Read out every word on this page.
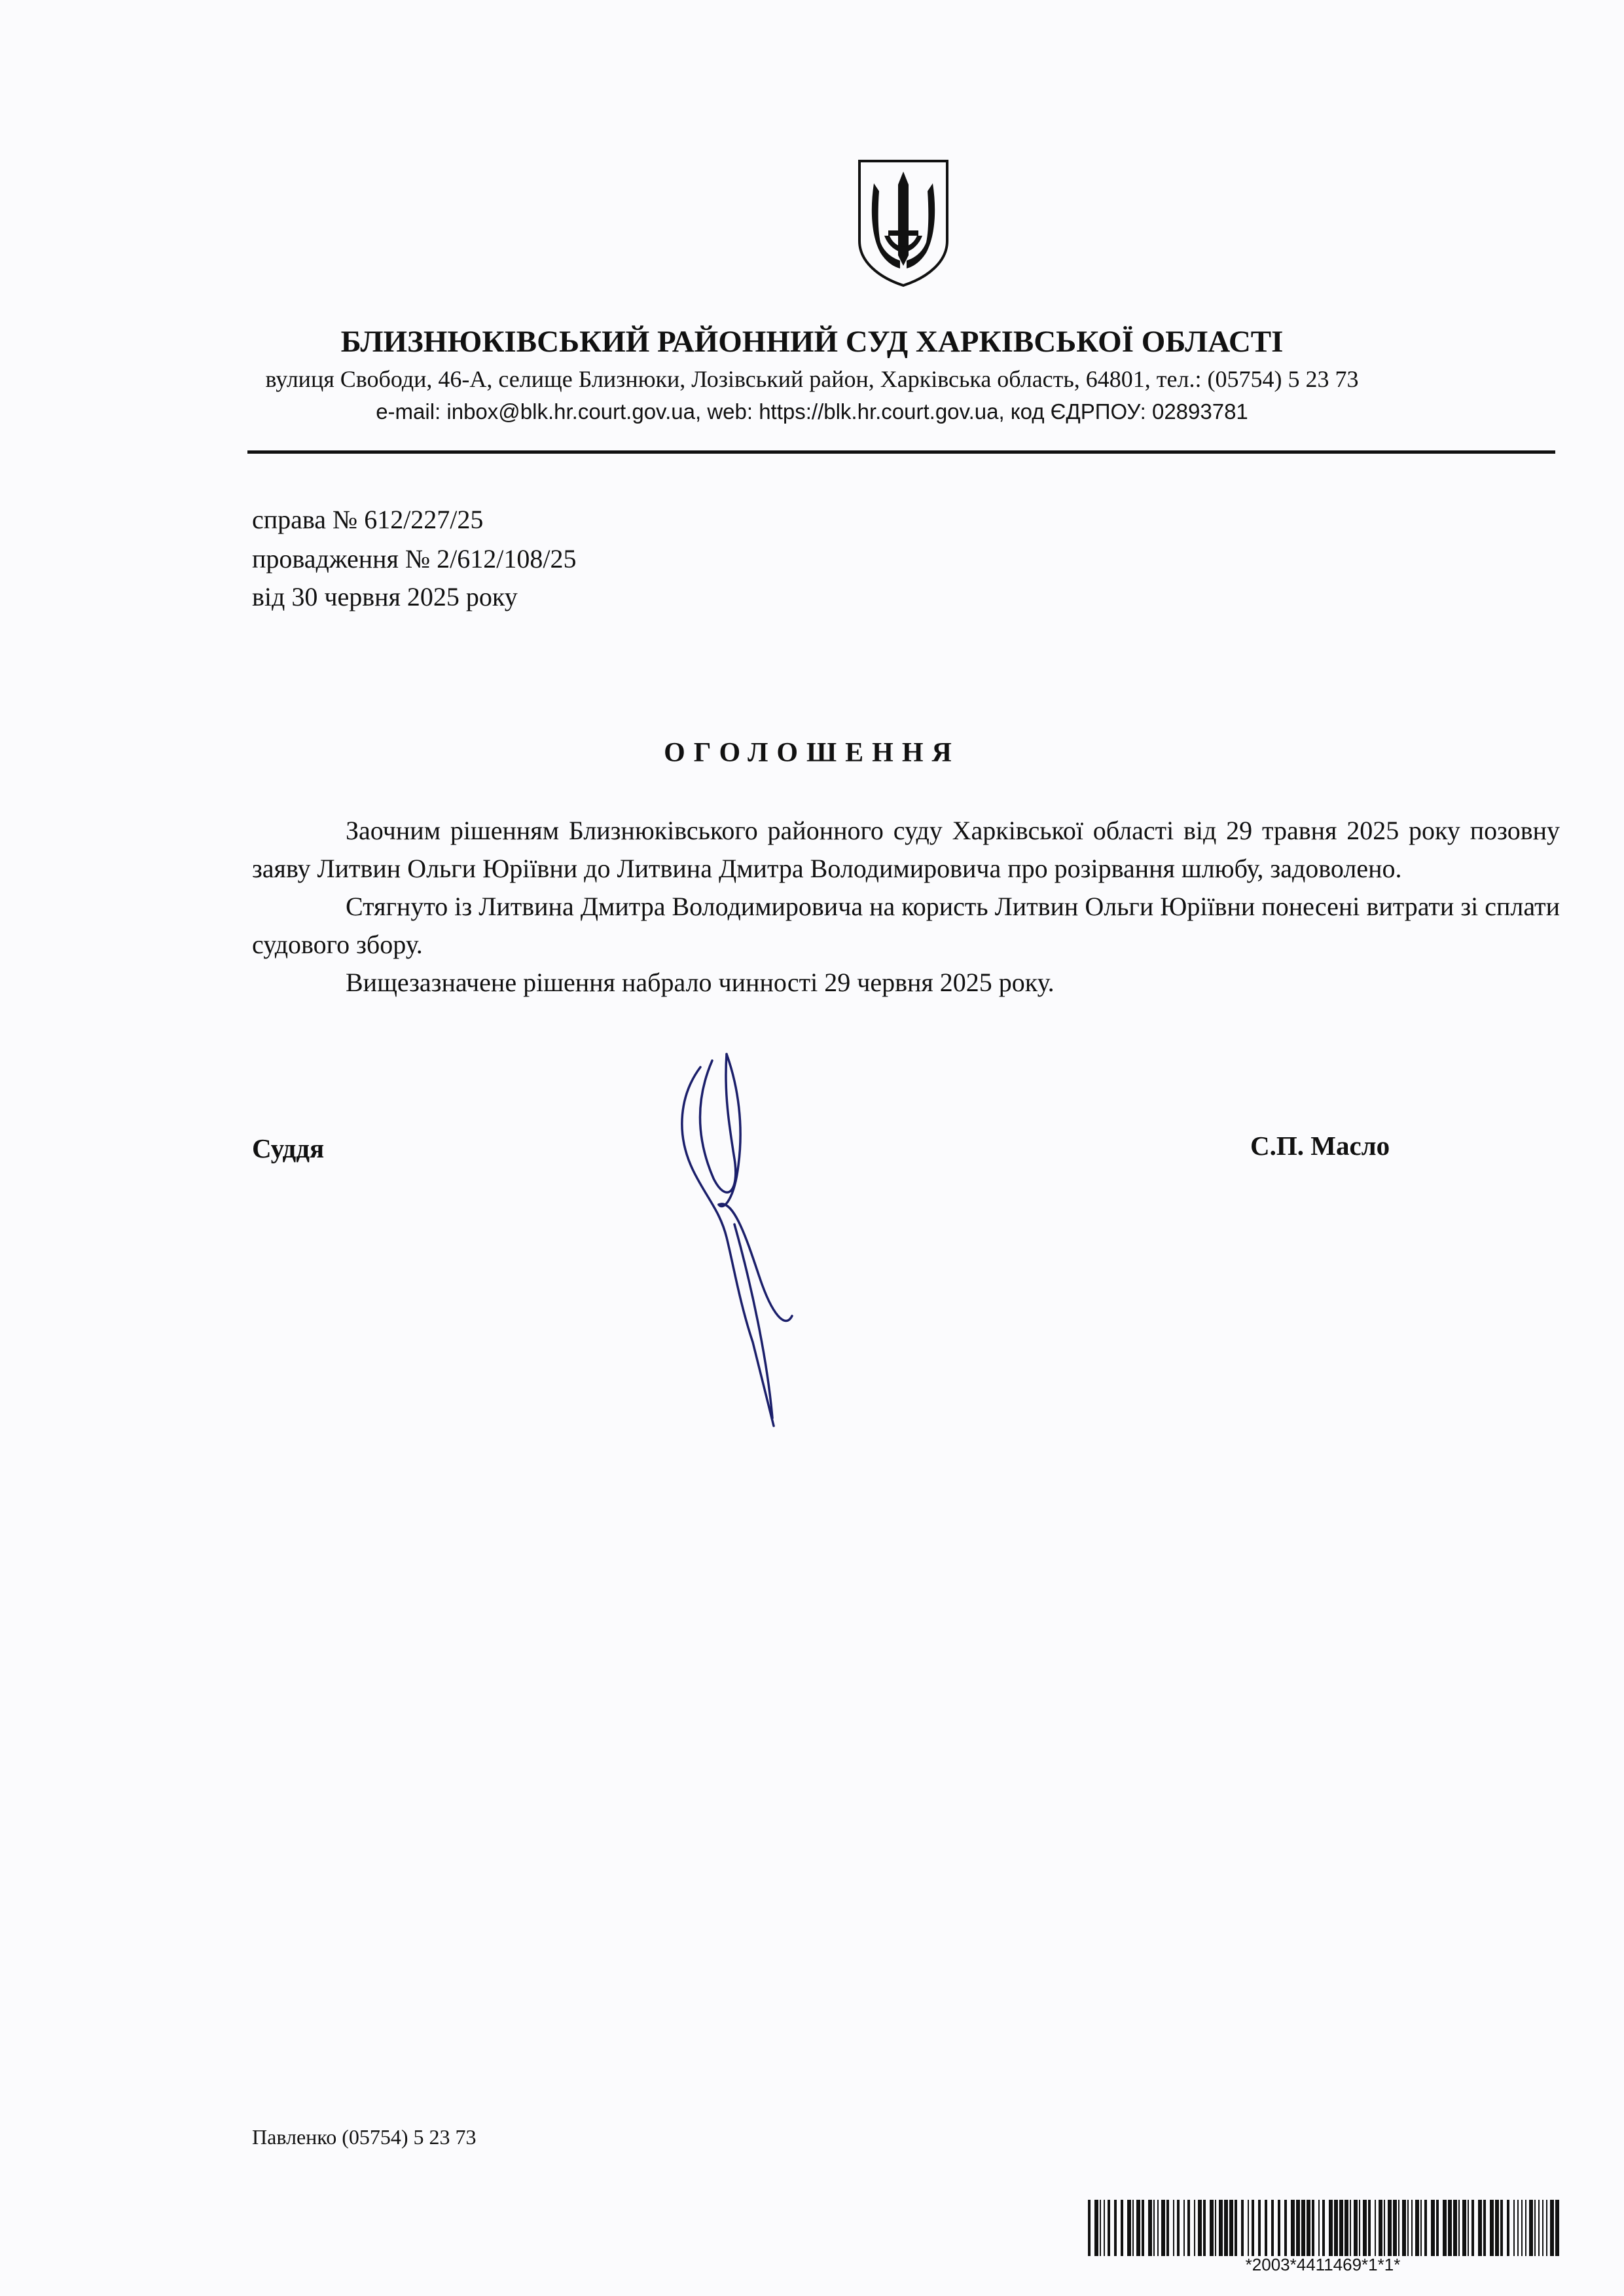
БЛИЗНЮКІВСЬКИЙ РАЙОННИЙ СУД ХАРКІВСЬКОЇ ОБЛАСТІ
вулиця Свободи, 46-А, селище Близнюки, Лозівський район, Харківська область, 64801, тел.: (05754) 5 23 73
e-mail: inbox@blk.hr.court.gov.ua, web: https://blk.hr.court.gov.ua, код ЄДРПОУ: 02893781
справа № 612/227/25
провадження № 2/612/108/25
від 30 червня 2025 року
ОГОЛОШЕННЯ

Заочним рішенням Близнюківського районного суду Харківської області від 29 травня 2025 року позовну заяву Литвин Ольги Юріївни до Литвина Дмитра Володимировича про розірвання шлюбу, задоволено.

Стягнуто із Литвина Дмитра Володимировича на користь Литвин Ольги Юріївни понесені витрати зі сплати судового збору.

Вищезазначене рішення набрало чинності 29 червня 2025 року.

Суддя	С.П. Масло
Павленко (05754) 5 23 73
*2003*4411469*1*1*
